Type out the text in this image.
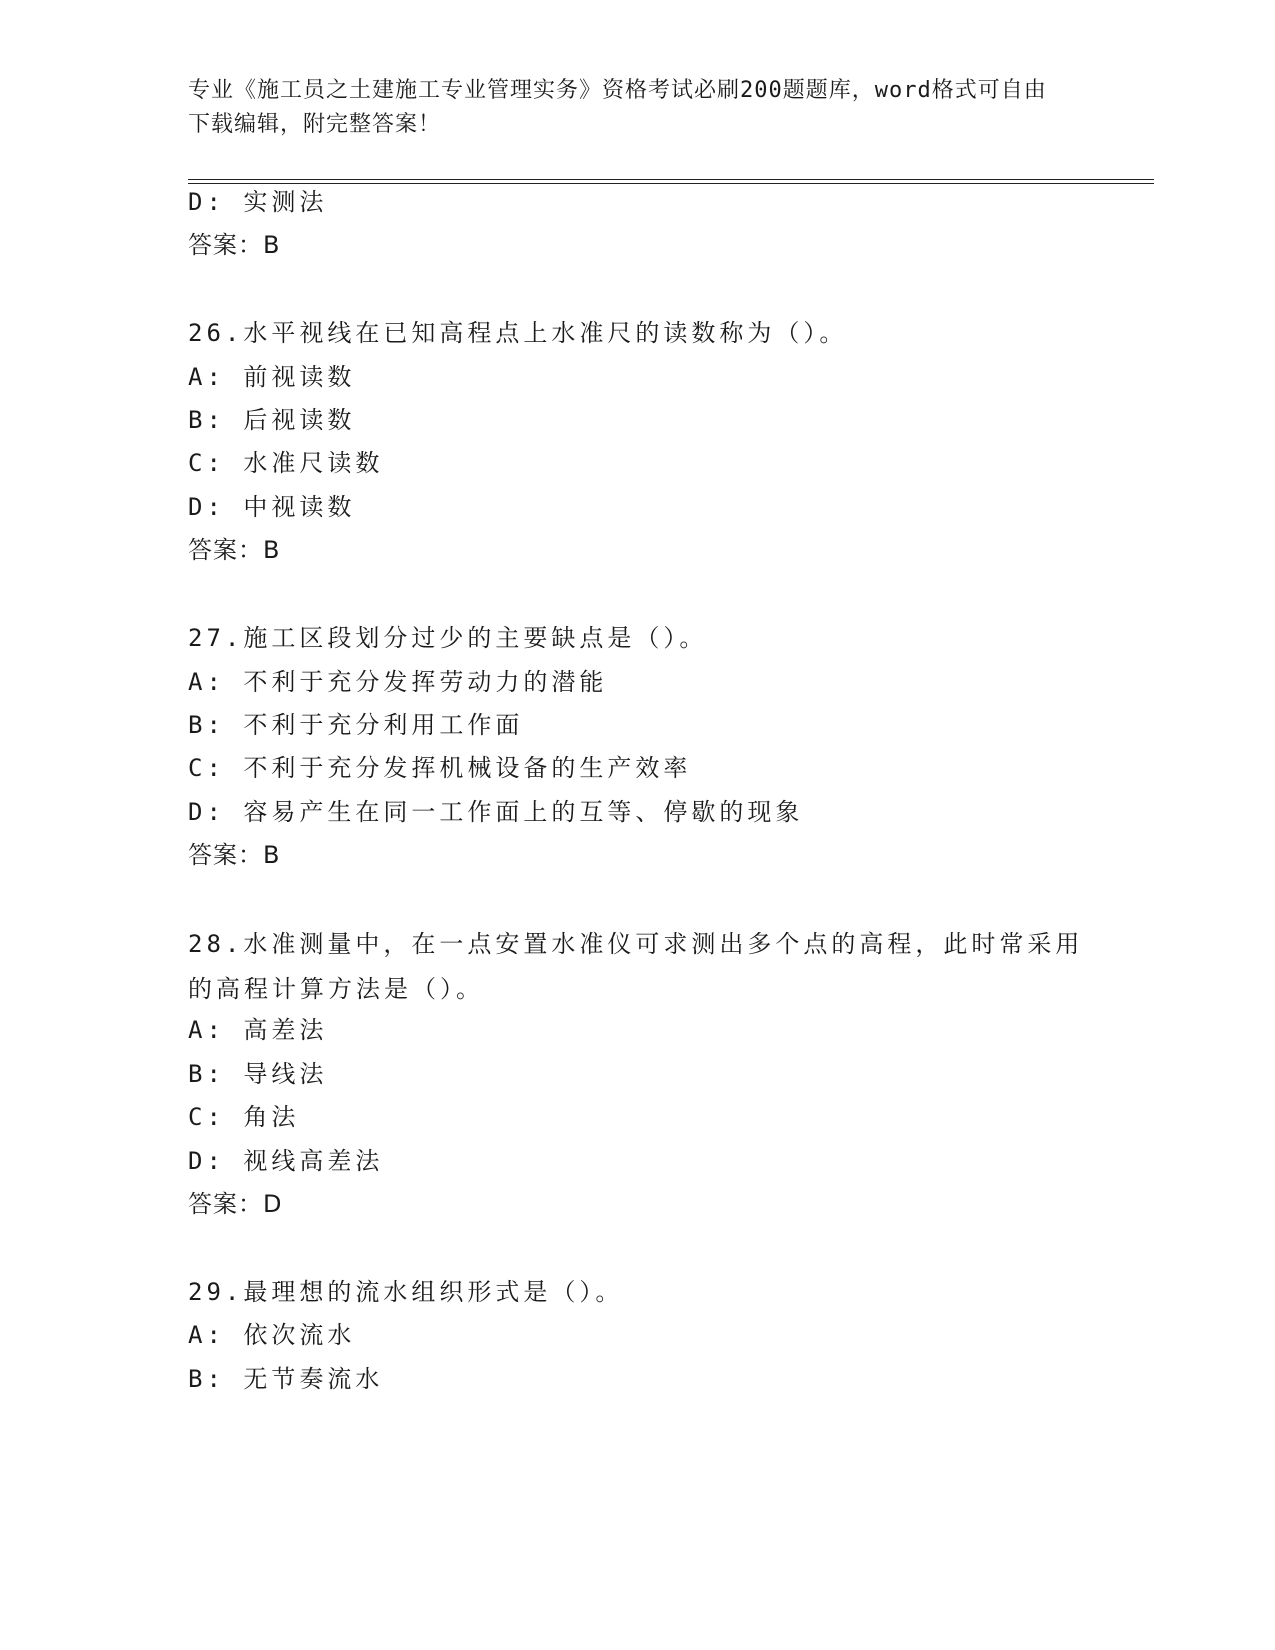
专业《施工员之土建施工专业管理实务》资格考试必刷200题题库，word格式可自由下载编辑，附完整答案！
D: 实测法
答案：B
26.水平视线在已知高程点上水准尺的读数称为（）。
A: 前视读数
B: 后视读数
C: 水准尺读数
D: 中视读数
答案：B
27.施工区段划分过少的主要缺点是（）。
A: 不利于充分发挥劳动力的潜能
B: 不利于充分利用工作面
C: 不利于充分发挥机械设备的生产效率
D: 容易产生在同一工作面上的互等、停歇的现象
答案：B
28.水准测量中，在一点安置水准仪可求测出多个点的高程，此时常采用的高程计算方法是（）。
A: 高差法
B: 导线法
C: 角法
D: 视线高差法
答案：D
29.最理想的流水组织形式是（）。
A: 依次流水
B: 无节奏流水
